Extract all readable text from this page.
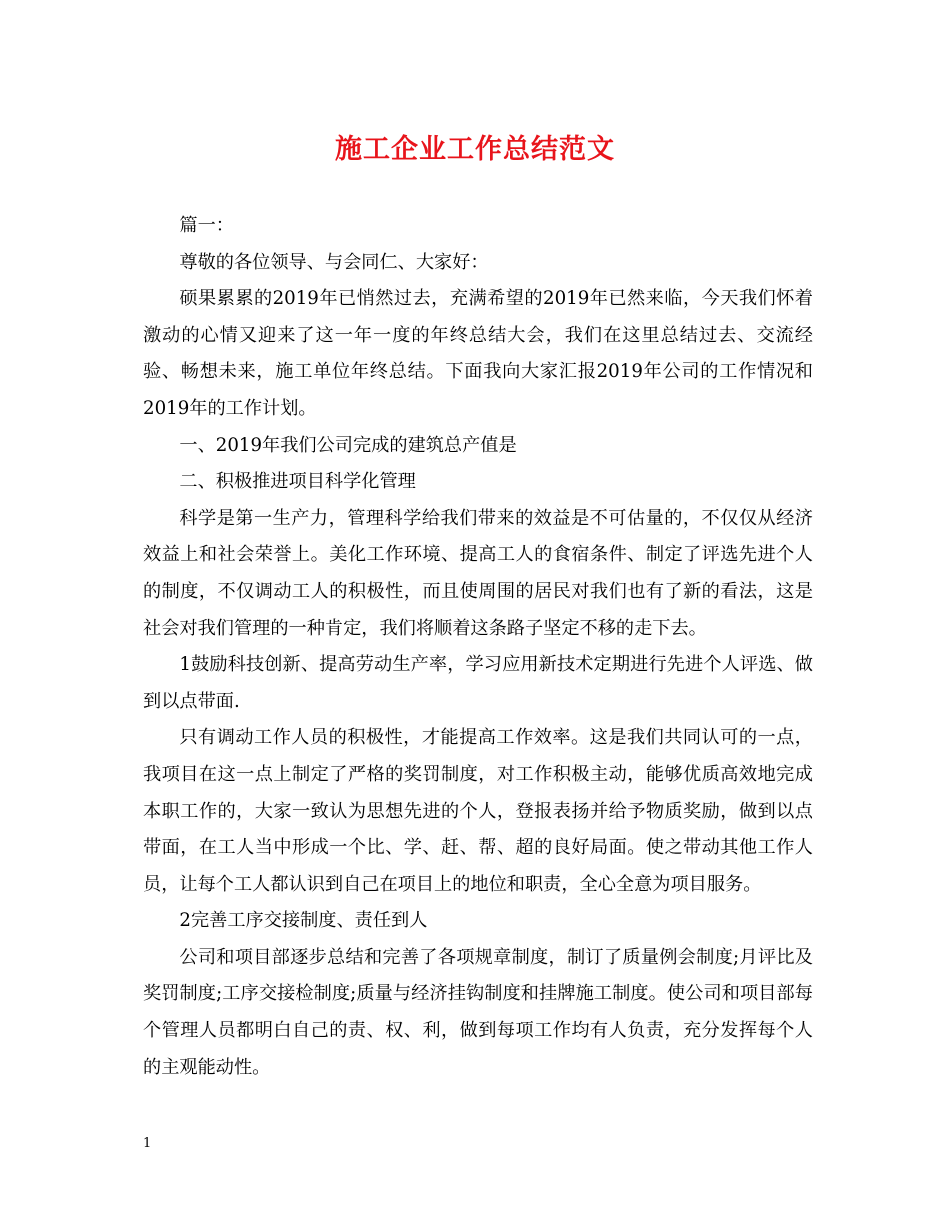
施工企业工作总结范文

篇一：

尊敬的各位领导、与会同仁、大家好：

硕果累累的2019年已悄然过去，充满希望的2019年已然来临，今天我们怀着激动的心情又迎来了这一年一度的年终总结大会，我们在这里总结过去、交流经验、畅想未来，施工单位年终总结。下面我向大家汇报2019年公司的工作情况和2019年的工作计划。

一、2019年我们公司完成的建筑总产值是

二、积极推进项目科学化管理

科学是第一生产力，管理科学给我们带来的效益是不可估量的，不仅仅从经济效益上和社会荣誉上。美化工作环境、提高工人的食宿条件、制定了评选先进个人的制度，不仅调动工人的积极性，而且使周围的居民对我们也有了新的看法，这是社会对我们管理的一种肯定，我们将顺着这条路子坚定不移的走下去。

1鼓励科技创新、提高劳动生产率，学习应用新技术定期进行先进个人评选、做到以点带面.

只有调动工作人员的积极性，才能提高工作效率。这是我们共同认可的一点，我项目在这一点上制定了严格的奖罚制度，对工作积极主动，能够优质高效地完成本职工作的，大家一致认为思想先进的个人，登报表扬并给予物质奖励，做到以点带面，在工人当中形成一个比、学、赶、帮、超的良好局面。使之带动其他工作人员，让每个工人都认识到自己在项目上的地位和职责，全心全意为项目服务。

2完善工序交接制度、责任到人

公司和项目部逐步总结和完善了各项规章制度，制订了质量例会制度;月评比及奖罚制度;工序交接检制度;质量与经济挂钩制度和挂牌施工制度。使公司和项目部每个管理人员都明白自己的责、权、利，做到每项工作均有人负责，充分发挥每个人的主观能动性。

1
